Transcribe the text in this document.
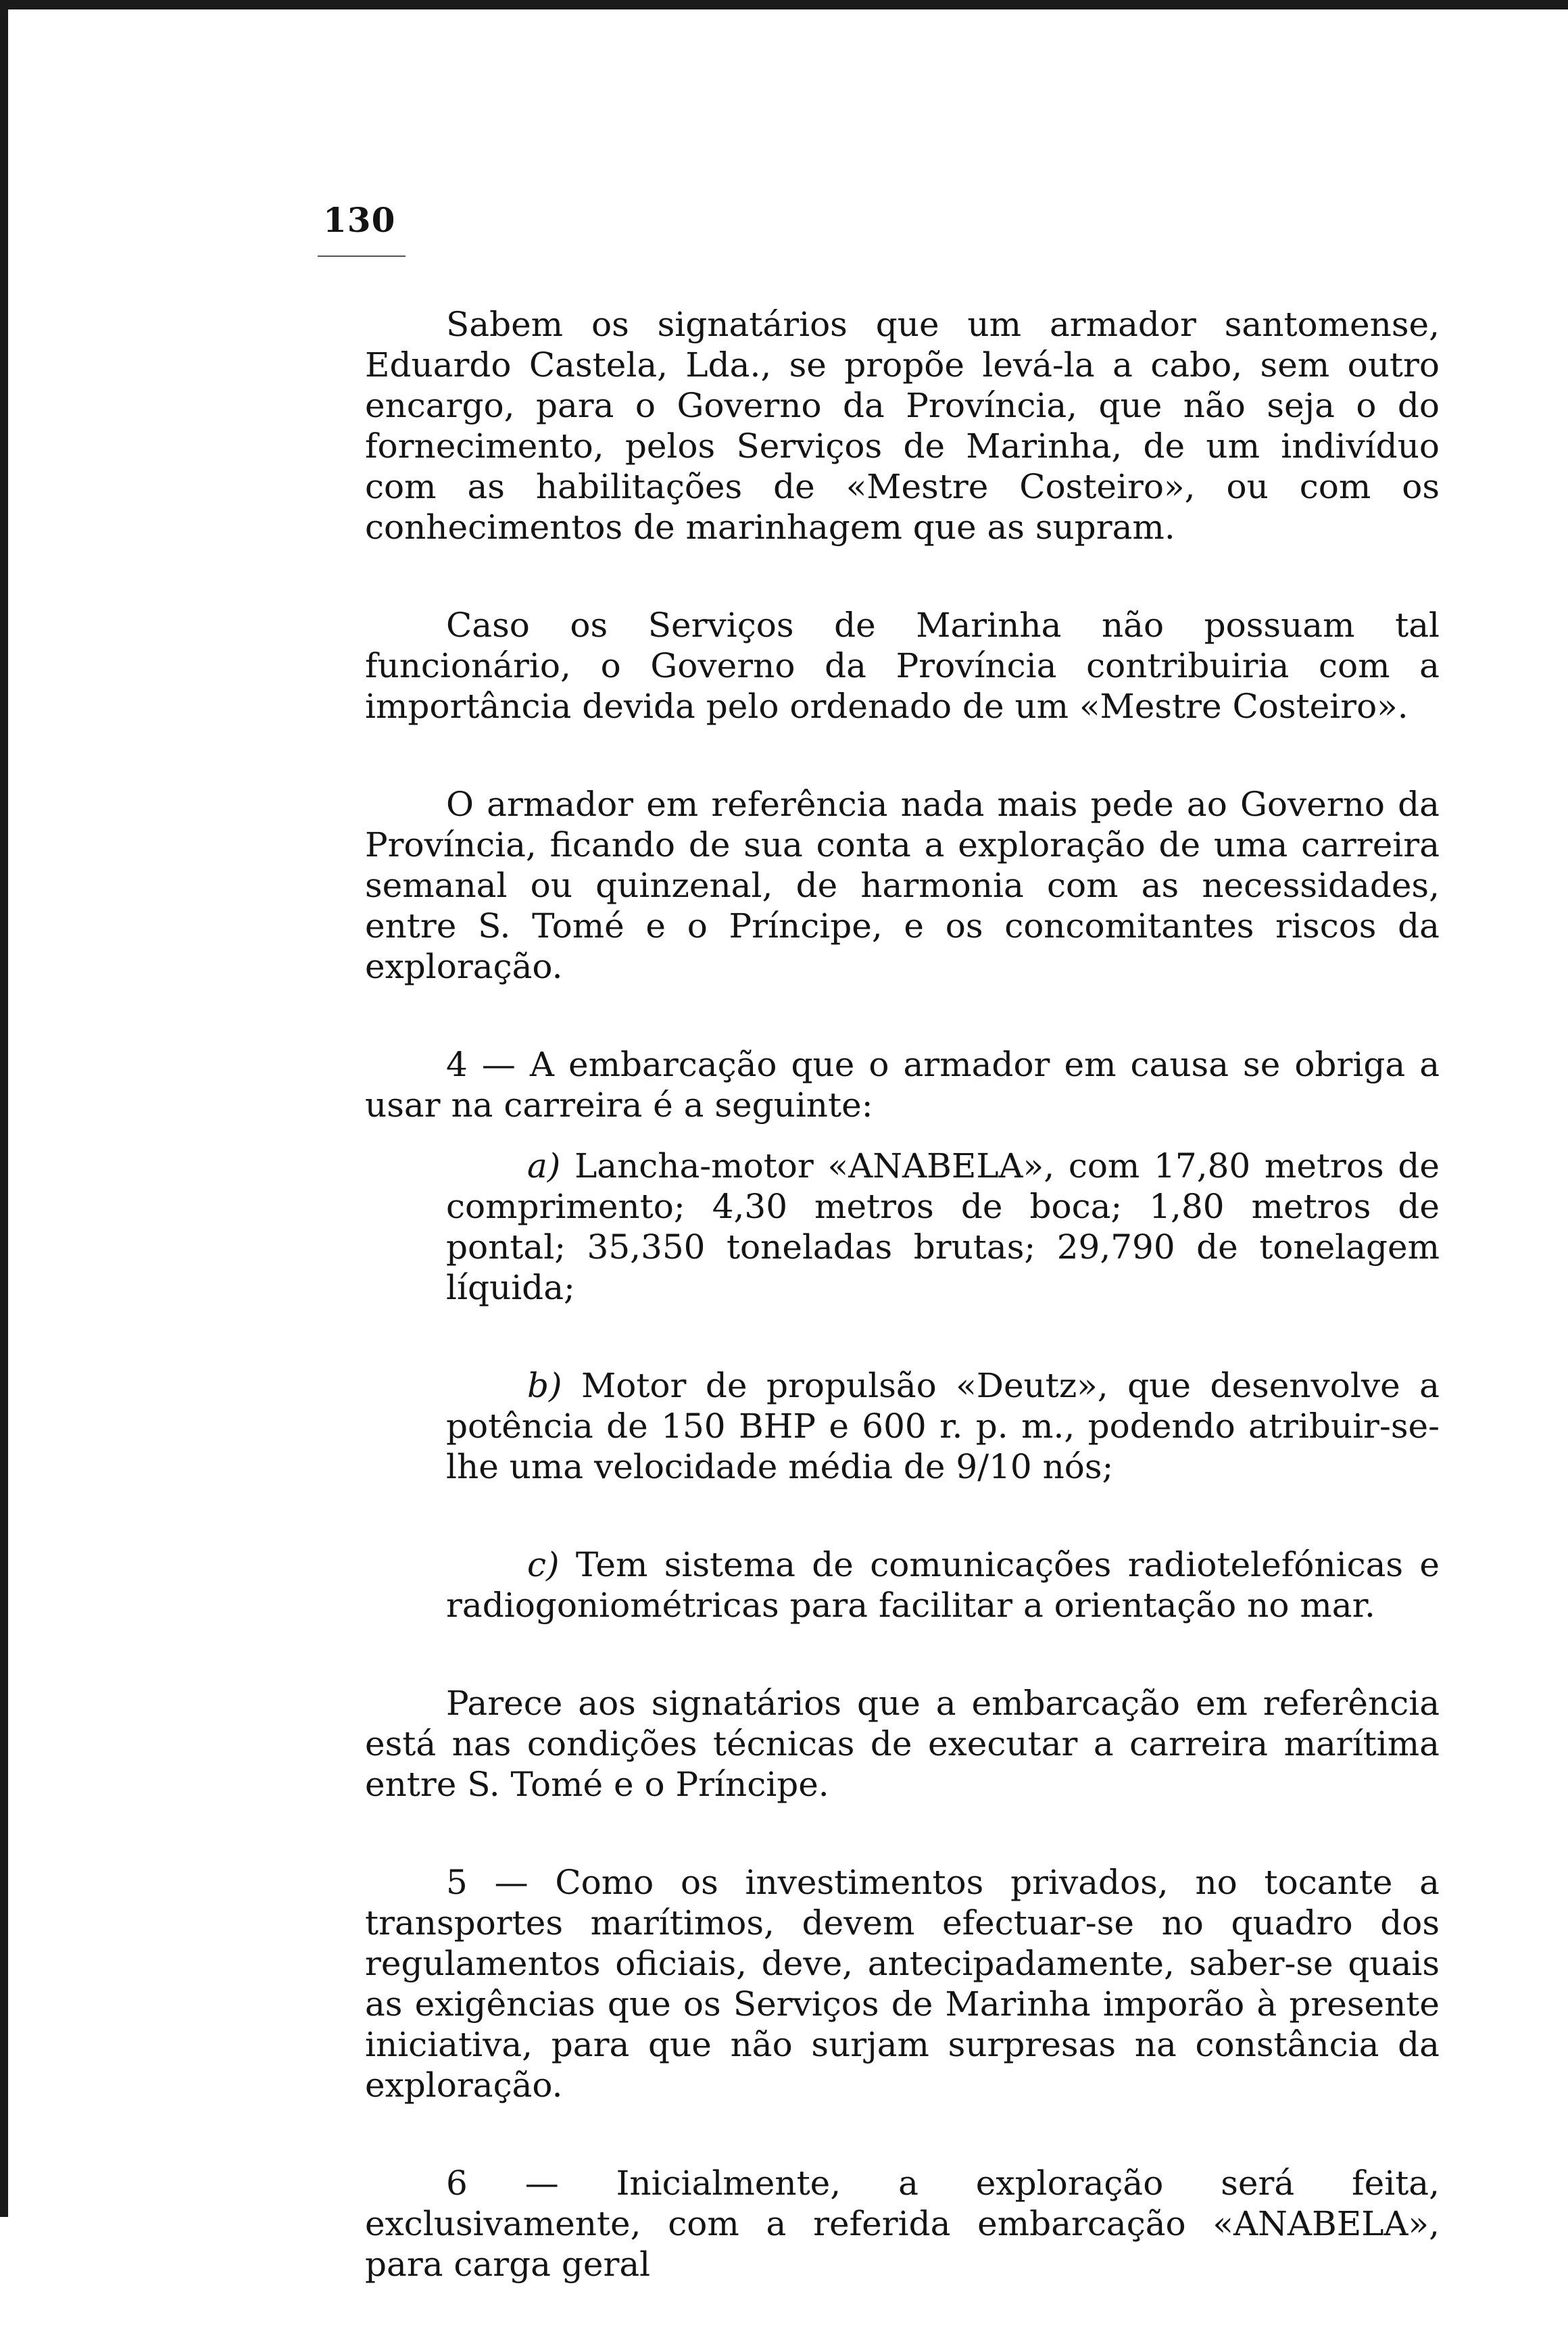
130

Sabem os signatários que um armador santomense, Eduardo Castela, Lda., se propõe levá-la a cabo, sem outro encargo, para o Governo da Província, que não seja o do fornecimento, pelos Serviços de Marinha, de um indivíduo com as habilitações de «Mestre Costeiro», ou com os conhecimentos de marinhagem que as supram.

Caso os Serviços de Marinha não possuam tal funcionário, o Governo da Província contribuiria com a importância devida pelo ordenado de um «Mestre Costeiro».

O armador em referência nada mais pede ao Governo da Província, ficando de sua conta a exploração de uma carreira semanal ou quinzenal, de harmonia com as necessidades, entre S. Tomé e o Príncipe, e os concomitantes riscos da exploração.

4 — A embarcação que o armador em causa se obriga a usar na carreira é a seguinte:

a) Lancha-motor «ANABELA», com 17,80 metros de comprimento; 4,30 metros de boca; 1,80 metros de pontal; 35,350 toneladas brutas; 29,790 de tonelagem líquida;

b) Motor de propulsão «Deutz», que desenvolve a potência de 150 BHP e 600 r. p. m., podendo atribuir-se-lhe uma velocidade média de 9/10 nós;

c) Tem sistema de comunicações radiotelefónicas e radiogoniométricas para facilitar a orientação no mar.

Parece aos signatários que a embarcação em referência está nas condições técnicas de executar a carreira marítima entre S. Tomé e o Príncipe.

5 — Como os investimentos privados, no tocante a transportes marítimos, devem efectuar-se no quadro dos regulamentos oficiais, deve, antecipadamente, saber-se quais as exigências que os Serviços de Marinha imporão à presente iniciativa, para que não surjam surpresas na constância da exploração.

6 — Inicialmente, a exploração será feita, exclusivamente, com a referida embarcação «ANABELA», para carga geral
